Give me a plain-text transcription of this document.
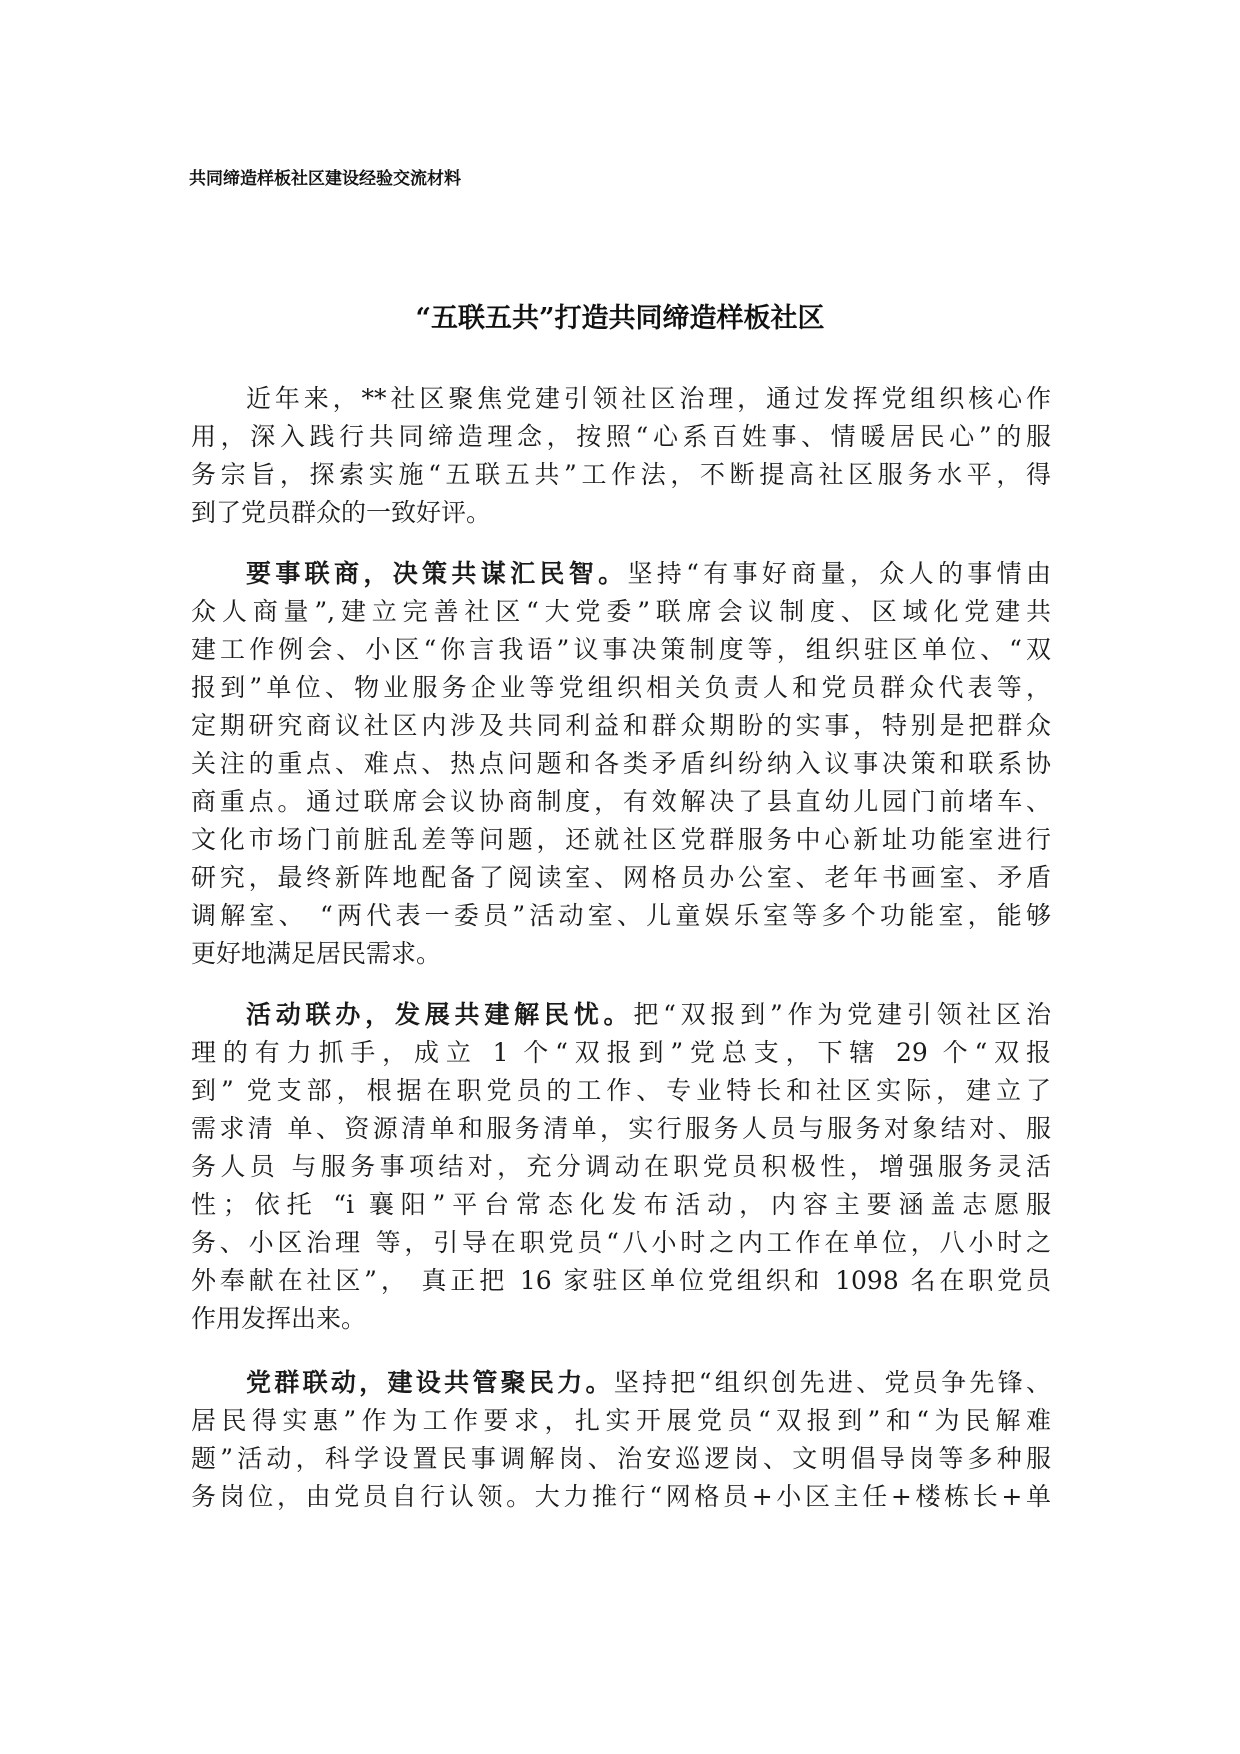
共同缔造样板社区建设经验交流材料
“五联五共”打造共同缔造样板社区
近年来，**社区聚焦党建引领社区治理，通过发挥党组织核心作
用，深入践行共同缔造理念，按照“心系百姓事、情暖居民心”的服
务宗旨，探索实施“五联五共”工作法，不断提高社区服务水平，得
到了党员群众的一致好评。
要事联商，决策共谋汇民智。坚持“有事好商量，众人的事情由
众人商量”,建立完善社区“大党委”联席会议制度、区域化党建共
建工作例会、小区“你言我语”议事决策制度等，组织驻区单位、“双
报到”单位、物业服务企业等党组织相关负责人和党员群众代表等，
定期研究商议社区内涉及共同利益和群众期盼的实事，特别是把群众
关注的重点、难点、热点问题和各类矛盾纠纷纳入议事决策和联系协
商重点。通过联席会议协商制度，有效解决了县直幼儿园门前堵车、
文化市场门前脏乱差等问题，还就社区党群服务中心新址功能室进行
研究，最终新阵地配备了阅读室、网格员办公室、老年书画室、矛盾
调解室、 “两代表一委员”活动室、儿童娱乐室等多个功能室，能够
更好地满足居民需求。
活动联办，发展共建解民忧。把“双报到”作为党建引领社区治
理的有力抓手，成立 1 个“双报到”党总支，下辖 29 个“双报
到” 党支部，根据在职党员的工作、专业特长和社区实际，建立了
需求清 单、资源清单和服务清单，实行服务人员与服务对象结对、服
务人员 与服务事项结对，充分调动在职党员积极性，增强服务灵活
性；依托 “i 襄阳”平台常态化发布活动，内容主要涵盖志愿服
务、小区治理 等，引导在职党员“八小时之内工作在单位，八小时之
外奉献在社区”， 真正把 16 家驻区单位党组织和 1098 名在职党员
作用发挥出来。
党群联动，建设共管聚民力。坚持把“组织创先进、党员争先锋、
居民得实惠”作为工作要求，扎实开展党员“双报到”和“为民解难
题”活动，科学设置民事调解岗、治安巡逻岗、文明倡导岗等多种服
务岗位，由党员自行认领。大力推行“网格员+小区主任+楼栋长+单
